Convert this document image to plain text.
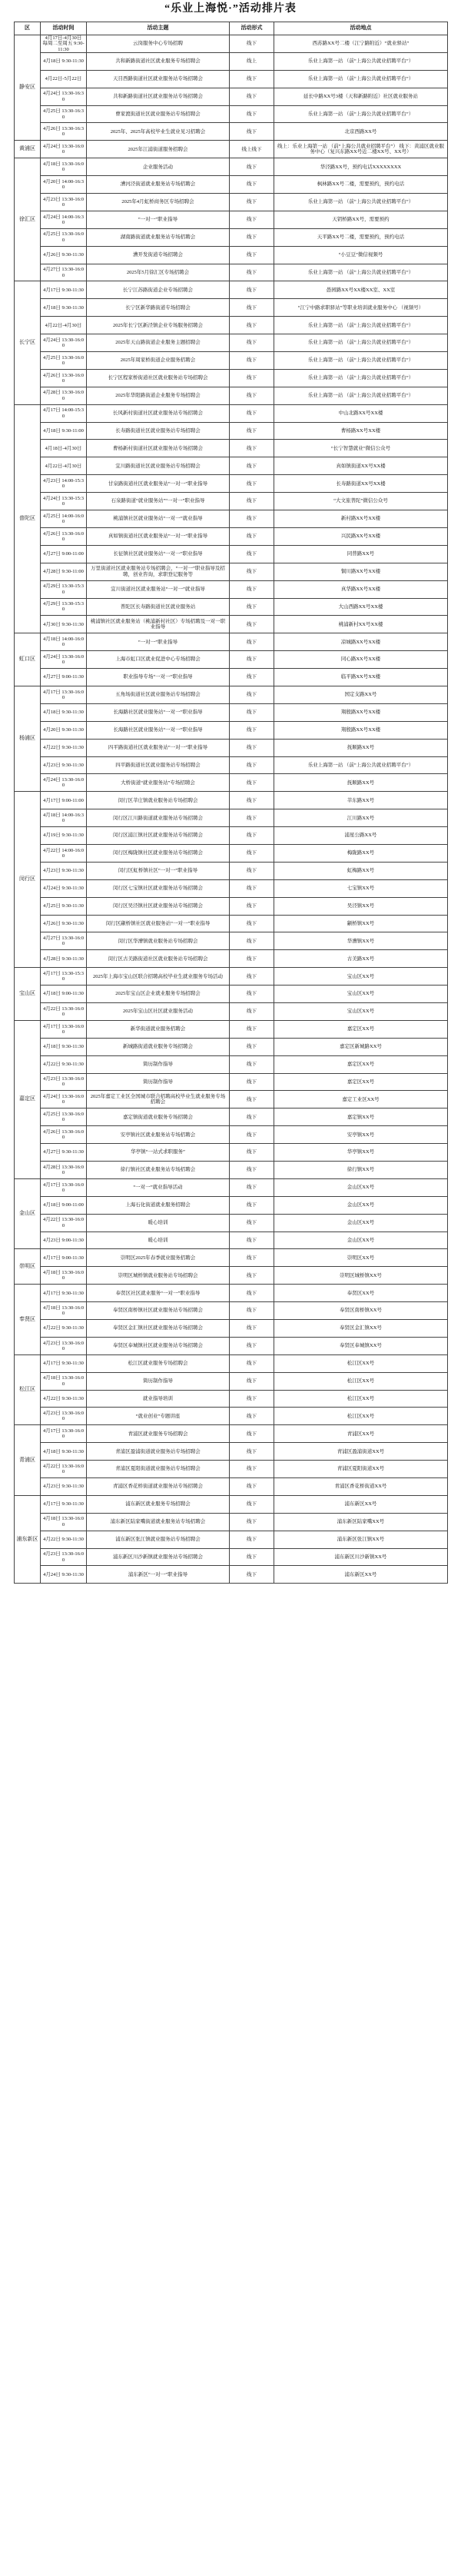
“乐业上海悦·”活动排片表
区	活动时间	活动主题	活动形式	活动地点
静安区	4月17日-4月30日 每周二至周五 9:30-11:30	云岗服务中心专场招聘	线下	西苏路XX号二楼（江宁路附近）“就业驿站”
	4月18日 9:30-11:30	共和新路街道社区就业服务专场招聘会	线上	乐业上海第一站 （前“上海公共就业招聘平台”）
	4月22日-5月22日	天目西路街道社区就业服务站专场招聘会	线下	乐业上海第一站 （前“上海公共就业招聘平台”）
	4月24日 13:30-16:30	共和新路街道社区就业服务站专场招聘会	线下	延长中路XX号3楼（天和新路附近）社区就业服务站
	4月25日 13:30-16:30	曹家渡街道社区就业服务站专场招聘会	线下	乐业上海第一站 （前“上海公共就业招聘平台”）
	4月26日 13:30-16:30	2025年、2025年高校毕业生就业见习招聘会	线下	北京西路XX号
黄浦区	4月24日 13:30-16:00	2025年江浦街道服务招聘会	线上线下	线上：乐业上海第一站 （前“上海公共就业招聘平台”） 线下：黄浦区就业服务中心（复兴东路XX号近二楼XX号、XX号）
徐汇区	4月18日 13:30-16:00	企业服务活动	线下	华泾路XX号，预约电话XXXXXXXX
	4月20日 14:00-16:30	漕河泾街道就业服务站专场招聘会	线下	枫林路XX号二楼，需要预约，预约电话
	4月23日 13:30-16:00	2025年4月虹桥商务区专场招聘会	线下	乐业上海第一站 （前“上海公共就业招聘平台”）
	4月24日 14:00-16:30	“一对一”职业指导	线下	天钥桥路XX号，需要预约
	4月25日 13:30-16:00	湖南路街道就业服务站专场招聘会	线下	天平路XX号二楼，需要预约，预约电话
	4月26日 9:30-11:30	漕开发街道专场招聘会	线下	“小豆豆”微信视频号
	4月27日 13:30-16:00	2025年5月徐汇区专场招聘会	线下	乐业上海第一站 （前“上海公共就业招聘平台”）
长宁区	4月17日 9:30-11:30	长宁江苏路街道企业专场招聘会	线下	愚园路XX号XX楼XX室、XX室
	4月18日 9:30-11:30	长宁区新华路街道专场招聘会	线下	“江宁中路求职驿站”等职业培训就业服务中心 （视频号）
	4月22日-4月30日	2025年长宁区新泾镇企业专场服务招聘会	线下	乐业上海第一站 （前“上海公共就业招聘平台”）
	4月24日 13:30-16:00	2025年天山路街道企业服务主题招聘会	线下	乐业上海第一站 （前“上海公共就业招聘平台”）
	4月25日 13:30-16:00	2025年周家桥街道企业服务招聘会	线下	乐业上海第一站 （前“上海公共就业招聘平台”）
	4月26日 13:30-16:00	长宁区程家桥街道社区就业服务站专场招聘会	线下	乐业上海第一站 （前“上海公共就业招聘平台”）
	4月28日 13:30-16:00	2025年华阳路街道企业服务专场招聘会	线下	乐业上海第一站 （前“上海公共就业招聘平台”）
普陀区	4月17日 14:00-15:30	长风新村街道社区就业服务站专场招聘会	线下	中山北路XX号XX楼
	4月18日 9:30-11:00	长寿路街道社区就业服务站专场招聘会	线下	曹杨路XX号XX楼
	4月18日-4月30日	曹杨新村街道社区就业服务站专场招聘会	线下	“长宁智慧就业”微信公众号
	4月22日-4月30日	宜川路街道社区就业服务站专场招聘会	线下	真如镇街道XX号XX楼
	4月23日 14:00-15:30	甘泉路街道社区就业服务站“一对一”职业指导	线下	长寿路街道XX号XX楼
	4月24日 13:30-15:30	石泉路街道“就业服务站”“一对一”职业指导	线下	“大文旅普陀”微信公众号
	4月25日 14:00-16:00	桃浦镇社区就业服务站“一对一”就业指导	线下	新村路XX号XX楼
	4月26日 13:30-16:00	真如镇街道社区就业服务站“一对一”职业指导	线下	兴民路XX号XX楼
	4月27日 9:00-11:00	长征镇社区就业服务站“一对一”职业指导	线下	同普路XX号
	4月28日 9:30-11:00	万里街道社区就业服务站专场招聘会，“一对一”职业指导及招聘，创业咨询，求职登记服务等	线下	铜川路XX号XX楼
	4月29日 13:30-15:30	宜川街道社区就业服务站“一对一”就业指导	线下	真华路XX号XX楼
	4月29日 13:30-15:30	普陀区长寿路街道社区就业服务站	线下	大山西路XX号XX楼
	4月30日 9:30-11:30	桃浦镇社区就业服务站（桃浦新村社区）专场招聘及一对一职业指导	线下	桃浦新村XX号XX楼
虹口区	4月18日 14:00-16:00	“一对一”职业指导	线下	凉城路XX号XX楼
	4月24日 13:30-16:00	上海市虹口区就业促进中心专场招聘会	线下	同心路XX号XX楼
	4月27日 9:00-11:30	职业指导专场“一对一”职业指导	线下	临平路XX号XX楼
杨浦区	4月17日 13:30-16:00	五角场街道社区就业服务站专场招聘会	线下	国定支路XX号
	4月18日 9:30-11:30	长海路社区就业服务站“一对一”职业指导	线下	翔殷路XX号XX楼
	4月20日 9:30-11:30	长海路社区就业服务站“一对一”职业指导	线下	翔殷路XX号XX楼
	4月22日 9:30-11:30	四平路街道社区就业服务站“一对一”职业指导	线下	抚顺路XX号
	4月23日 9:30-11:30	四平路街道社区就业服务站专场招聘会	线下	乐业上海第一站 （前“上海公共就业招聘平台”）
	4月24日 13:30-16:00	大桥街道“就业服务站”专场招聘会	线下	抚顺路XX号
闵行区	4月17日 9:00-11:00	闵行区莘庄镇就业服务站专场招聘会	线下	莘东路XX号
	4月18日 14:00-16:30	闵行区江川路街道就业服务站专场招聘会	线下	江川路XX号
	4月19日 9:30-11:30	闵行区浦江镇社区就业服务站专场招聘会	线下	浦星公路XX号
	4月22日 14:00-16:00	闵行区梅陇镇社区就业服务站专场招聘会	线下	梅陇路XX号
	4月23日 9:30-11:30	闵行区虹桥镇社区“一对一”职业指导	线下	虹梅路XX号
	4月24日 9:30-11:30	闵行区七宝镇社区就业服务站专场招聘会	线下	七宝镇XX号
	4月25日 9:30-11:30	闵行区吴泾镇社区就业服务站专场招聘会	线下	吴泾镇XX号
	4月26日 9:30-11:30	闵行区颛桥镇社区就业服务站“一对一”职业指导	线下	颛桥镇XX号
	4月27日 13:30-16:00	闵行区华漕镇就业服务站专场招聘会	线下	华漕镇XX号
	4月28日 9:30-11:30	闵行区古美路街道社区就业服务站专场招聘会	线下	古美路XX号
宝山区	4月17日 13:30-15:30	2025年上海市宝山区联合招聘高校毕业生就业服务专场活动	线下	宝山区XX号
	4月18日 9:00-11:30	2025年宝山区企业就业服务专场招聘会	线下	宝山区XX号
	4月22日 13:30-16:00	2025年宝山区社区就业服务活动	线下	宝山区XX号
嘉定区	4月17日 13:30-16:00	新华街道就业服务招聘会	线下	嘉定区XX号
	4月18日 9:30-11:30	新城路街道就业服务专场招聘会	线下	嘉定区新城路XX号
	4月22日 9:30-11:30	简历制作指导	线下	嘉定区XX号
	4月23日 13:30-16:00	简历制作指导	线下	嘉定区XX号
	4月24日 13:30-16:00	2025年嘉定工业区全国城市联合招聘高校毕业生就业服务专场招聘会	线下	嘉定工业区XX号
	4月25日 13:30-16:00	嘉定镇街道就业服务专场招聘会	线下	嘉定镇XX号
	4月26日 13:30-16:00	安亭镇社区就业服务站专场招聘会	线下	安亭镇XX号
	4月27日 9:30-11:30	华亭镇“一站式求职服务”	线下	华亭镇XX号
	4月28日 13:30-16:00	徐行镇社区就业服务站专场招聘会	线下	徐行镇XX号
金山区	4月17日 13:30-16:00	“一对一”就业指导活动	线下	金山区XX号
	4月18日 9:00-11:00	上海石化街道就业服务招聘会	线下	金山区XX号
	4月22日 13:30-16:00	暖心培训	线下	金山区XX号
	4月23日 9:00-11:30	暖心培训	线下	金山区XX号
崇明区	4月17日 9:00-11:30	崇明区2025年春季就业服务招聘会	线下	崇明区XX号
	4月18日 13:30-16:00	崇明区城桥镇就业服务站专场招聘会	线下	崇明区城桥镇XX号
奉贤区	4月17日 9:30-11:30	奉贤区社区就业服务“一对一”职业指导	线下	奉贤区XX号
	4月18日 13:30-16:00	奉贤区南桥镇社区就业服务站专场招聘会	线下	奉贤区南桥镇XX号
	4月22日 9:30-11:30	奉贤区金汇镇社区就业服务站专场招聘会	线下	奉贤区金汇镇XX号
	4月23日 13:30-16:00	奉贤区奉城镇社区就业服务站专场招聘会	线下	奉贤区奉城镇XX号
松江区	4月17日 9:30-11:30	松江区就业服务专场招聘会	线下	松江区XX号
	4月18日 13:30-16:00	简历制作指导	线下	松江区XX号
	4月22日 9:30-11:30	就业指导培训	线下	松江区XX号
	4月23日 13:30-16:00	“就业创业”专题讲座	线下	松江区XX号
青浦区	4月17日 13:30-16:00	青浦区就业服务专场招聘会	线下	青浦区XX号
	4月18日 9:30-11:30	青浦区盈浦街道就业服务站专场招聘会	线下	青浦区盈浦街道XX号
	4月22日 13:30-16:00	青浦区夏阳街道就业服务站专场招聘会	线下	青浦区夏阳街道XX号
	4月23日 9:30-11:30	青浦区香花桥街道就业服务站专场招聘会	线下	青浦区香花桥街道XX号
浦东新区	4月17日 9:30-11:30	浦东新区就业服务专场招聘会	线下	浦东新区XX号
	4月18日 13:30-16:00	浦东新区陆家嘴街道就业服务站专场招聘会	线下	浦东新区陆家嘴XX号
	4月22日 9:30-11:30	浦东新区张江镇就业服务站专场招聘会	线下	浦东新区张江镇XX号
	4月23日 13:30-16:00	浦东新区川沙新镇就业服务站专场招聘会	线下	浦东新区川沙新镇XX号
	4月24日 9:30-11:30	浦东新区“一对一”职业指导	线下	浦东新区XX号
